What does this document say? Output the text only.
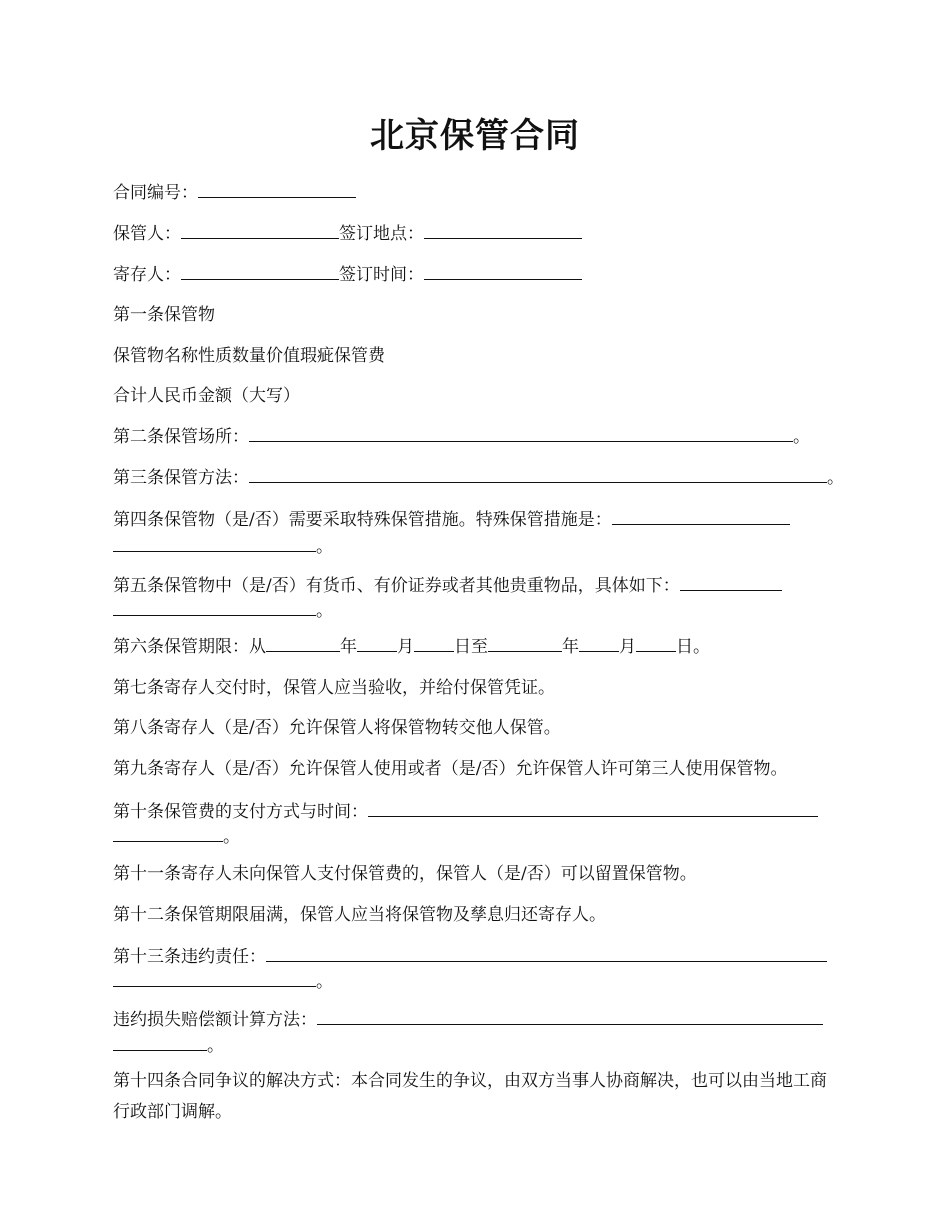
北京保管合同
合同编号：
保管人：	签订地点：
寄存人：	签订时间：
第一条保管物
保管物名称性质数量价值瑕疵保管费
合计人民币金额（大写）
第二条保管场所：	。
第三条保管方法：	。
第四条保管物（是/否）需要采取特殊保管措施。特殊保管措施是：
。
第五条保管物中（是/否）有货币、有价证券或者其他贵重物品，具体如下：
。
第六条保管期限：从	年 月 日至	年 月 日。
第七条寄存人交付时，保管人应当验收，并给付保管凭证。
第八条寄存人（是/否）允许保管人将保管物转交他人保管。
第九条寄存人（是/否）允许保管人使用或者（是/否）允许保管人许可第三人使用保管物。
第十条保管费的支付方式与时间：
。
第十一条寄存人未向保管人支付保管费的，保管人（是/否）可以留置保管物。
第十二条保管期限届满，保管人应当将保管物及孳息归还寄存人。
第十三条违约责任：
。
违约损失赔偿额计算方法：
。
第十四条合同争议的解决方式：本合同发生的争议，由双方当事人协商解决，也可以由当地工商行政部门调解。
